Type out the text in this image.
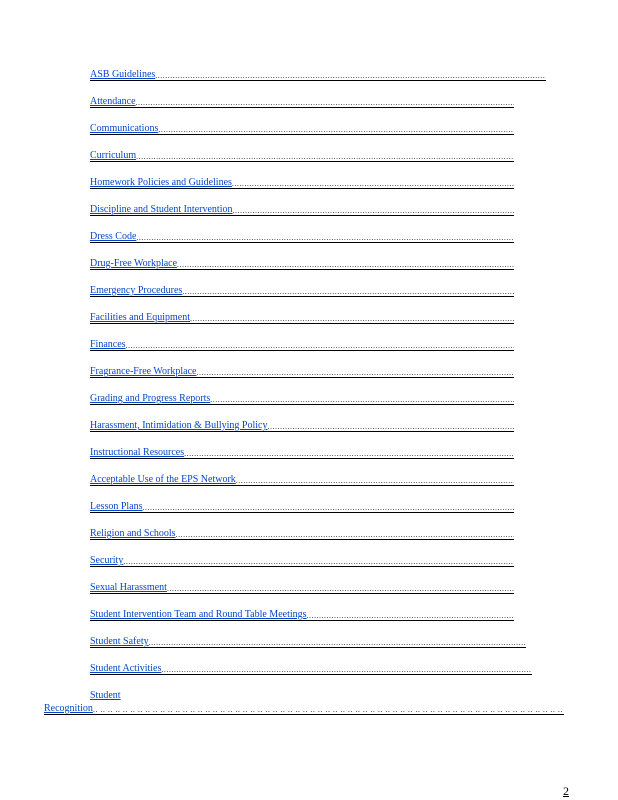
ASB Guidelines
.....
Attendance
.....
Communications
.....
Curriculum
.....
Homework Policies and Guidelines
.....
Discipline and Student Intervention
.....
Dress Code
.....
Drug-Free Workplace
.....
Emergency Procedures
.....
Facilities and Equipment
.....
Finances
.....
Fragrance-Free Workplace
.....
Grading and Progress Reports
.....
Harassment, Intimidation & Bullying Policy
.....
Instructional Resources
.....
Acceptable Use of the EPS Network
.....
Lesson Plans
.....
Religion and Schools
.....
Security
.....
Sexual Harassment
.....
Student Intervention Team and Round Table Meetings
.....
Student Safety
.....
Student Activities
.....
Student
Recognition
.. ..
2
